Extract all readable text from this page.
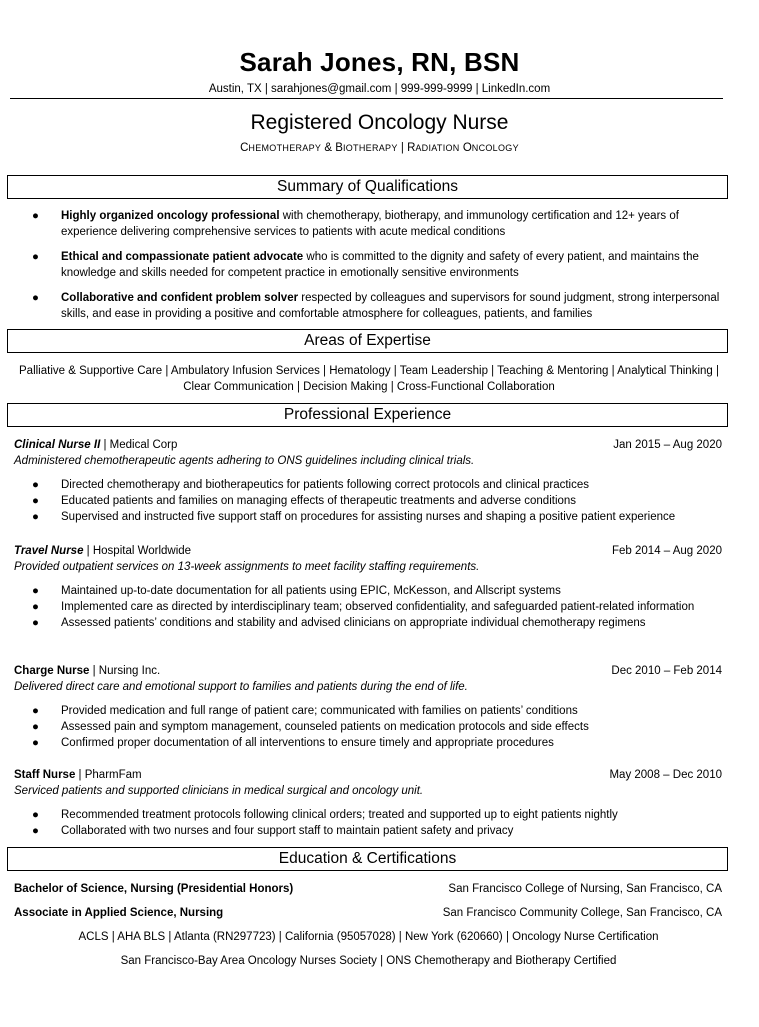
Sarah Jones, RN, BSN
Austin, TX | sarahjones@gmail.com | 999-999-9999 | LinkedIn.com
Registered Oncology Nurse
CHEMOTHERAPY & BIOTHERAPY | RADIATION ONCOLOGY
Summary of Qualifications
● Highly organized oncology professional with chemotherapy, biotherapy, and immunology certification and 12+ years of experience delivering comprehensive services to patients with acute medical conditions
● Ethical and compassionate patient advocate who is committed to the dignity and safety of every patient, and maintains the knowledge and skills needed for competent practice in emotionally sensitive environments
● Collaborative and confident problem solver respected by colleagues and supervisors for sound judgment, strong interpersonal skills, and ease in providing a positive and comfortable atmosphere for colleagues, patients, and families
Areas of Expertise
Palliative & Supportive Care | Ambulatory Infusion Services | Hematology | Team Leadership | Teaching & Mentoring | Analytical Thinking | Clear Communication | Decision Making | Cross-Functional Collaboration
Professional Experience
Clinical Nurse II | Medical Corp	Jan 2015 – Aug 2020
Administered chemotherapeutic agents adhering to ONS guidelines including clinical trials.
● Directed chemotherapy and biotherapeutics for patients following correct protocols and clinical practices
● Educated patients and families on managing effects of therapeutic treatments and adverse conditions
● Supervised and instructed five support staff on procedures for assisting nurses and shaping a positive patient experience
Travel Nurse | Hospital Worldwide	Feb 2014 – Aug 2020
Provided outpatient services on 13-week assignments to meet facility staffing requirements.
● Maintained up-to-date documentation for all patients using EPIC, McKesson, and Allscript systems
● Implemented care as directed by interdisciplinary team; observed confidentiality, and safeguarded patient-related information
● Assessed patients’ conditions and stability and advised clinicians on appropriate individual chemotherapy regimens
Charge Nurse | Nursing Inc.	Dec 2010 – Feb 2014
Delivered direct care and emotional support to families and patients during the end of life.
● Provided medication and full range of patient care; communicated with families on patients’ conditions
● Assessed pain and symptom management, counseled patients on medication protocols and side effects
● Confirmed proper documentation of all interventions to ensure timely and appropriate procedures
Staff Nurse | PharmFam	May 2008 – Dec 2010
Serviced patients and supported clinicians in medical surgical and oncology unit.
● Recommended treatment protocols following clinical orders; treated and supported up to eight patients nightly
● Collaborated with two nurses and four support staff to maintain patient safety and privacy
Education & Certifications
Bachelor of Science, Nursing (Presidential Honors)	San Francisco College of Nursing, San Francisco, CA
Associate in Applied Science, Nursing	San Francisco Community College, San Francisco, CA
ACLS | AHA BLS | Atlanta (RN297723) | California (95057028) | New York (620660) | Oncology Nurse Certification
San Francisco-Bay Area Oncology Nurses Society | ONS Chemotherapy and Biotherapy Certified
